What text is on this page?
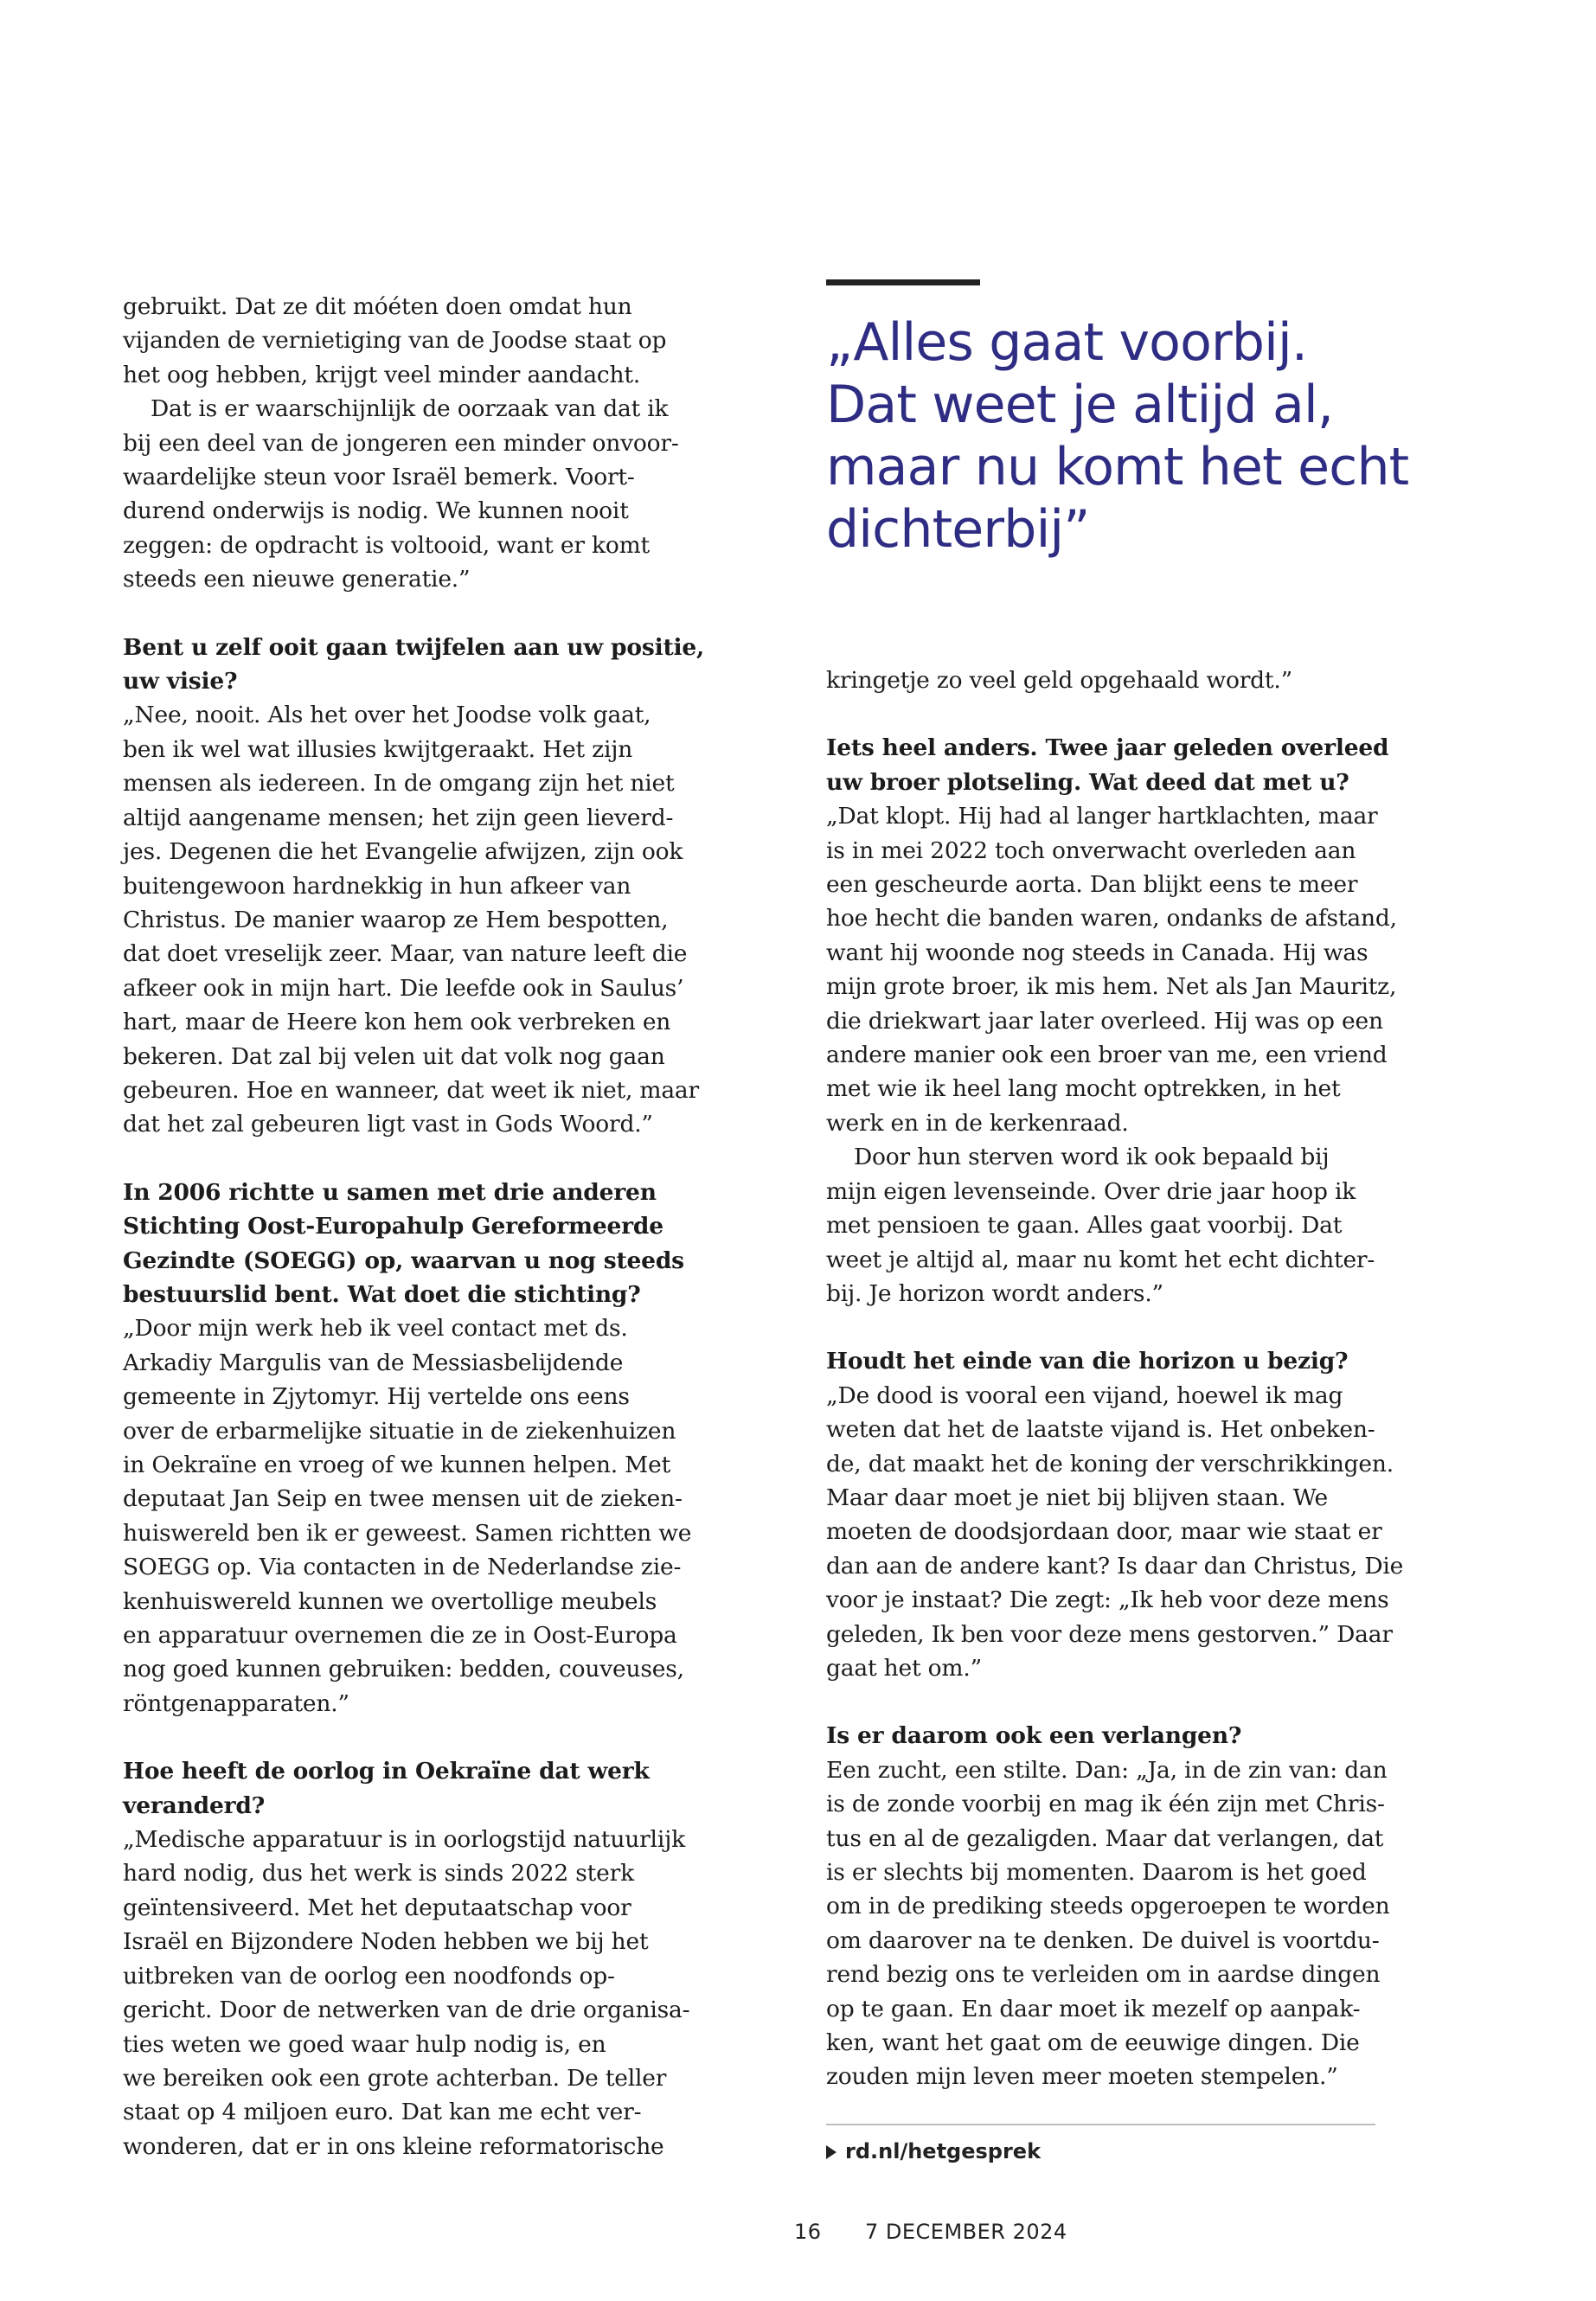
gebruikt. Dat ze dit móéten doen omdat hun
vijanden de vernietiging van de Joodse staat op
het oog hebben, krijgt veel minder aandacht.

Dat is er waarschijnlijk de oorzaak van dat ik
bij een deel van de jongeren een minder onvoor-
waardelijke steun voor Israël bemerk. Voort-
durend onderwijs is nodig. We kunnen nooit
zeggen: de opdracht is voltooid, want er komt
steeds een nieuwe generatie.”

Bent u zelf ooit gaan twijfelen aan uw positie,
uw visie?

„Nee, nooit. Als het over het Joodse volk gaat,
ben ik wel wat illusies kwijtgeraakt. Het zijn
mensen als iedereen. In de omgang zijn het niet
altijd aangename mensen; het zijn geen lieverd-
jes. Degenen die het Evangelie afwijzen, zijn ook
buitengewoon hardnekkig in hun afkeer van
Christus. De manier waarop ze Hem bespotten,
dat doet vreselijk zeer. Maar, van nature leeft die
afkeer ook in mijn hart. Die leefde ook in Saulus’
hart, maar de Heere kon hem ook verbreken en
bekeren. Dat zal bij velen uit dat volk nog gaan
gebeuren. Hoe en wanneer, dat weet ik niet, maar
dat het zal gebeuren ligt vast in Gods Woord.”

In 2006 richtte u samen met drie anderen
Stichting Oost-Europahulp Gereformeerde
Gezindte (SOEGG) op, waarvan u nog steeds
bestuurslid bent. Wat doet die stichting?

„Door mijn werk heb ik veel contact met ds.
Arkadiy Margulis van de Messiasbelijdende
gemeente in Zjytomyr. Hij vertelde ons eens
over de erbarmelijke situatie in de ziekenhuizen
in Oekraïne en vroeg of we kunnen helpen. Met
deputaat Jan Seip en twee mensen uit de zieken-
huiswereld ben ik er geweest. Samen richtten we
SOEGG op. Via contacten in de Nederlandse zie-
kenhuiswereld kunnen we overtollige meubels
en apparatuur overnemen die ze in Oost-Europa
nog goed kunnen gebruiken: bedden, couveuses,
röntgenapparaten.”

Hoe heeft de oorlog in Oekraïne dat werk
veranderd?

„Medische apparatuur is in oorlogstijd natuurlijk
hard nodig, dus het werk is sinds 2022 sterk
geïntensiveerd. Met het deputaatschap voor
Israël en Bijzondere Noden hebben we bij het
uitbreken van de oorlog een noodfonds op-
gericht. Door de netwerken van de drie organisa-
ties weten we goed waar hulp nodig is, en
we bereiken ook een grote achterban. De teller
staat op 4 miljoen euro. Dat kan me echt ver-
wonderen, dat er in ons kleine reformatorische

„Alles gaat voorbij.
Dat weet je altijd al,
maar nu komt het echt
dichterbij”

kringetje zo veel geld opgehaald wordt.”

Iets heel anders. Twee jaar geleden overleed
uw broer plotseling. Wat deed dat met u?

„Dat klopt. Hij had al langer hartklachten, maar
is in mei 2022 toch onverwacht overleden aan
een gescheurde aorta. Dan blijkt eens te meer
hoe hecht die banden waren, ondanks de afstand,
want hij woonde nog steeds in Canada. Hij was
mijn grote broer, ik mis hem. Net als Jan Mauritz,
die driekwart jaar later overleed. Hij was op een
andere manier ook een broer van me, een vriend
met wie ik heel lang mocht optrekken, in het
werk en in de kerkenraad.

Door hun sterven word ik ook bepaald bij
mijn eigen levenseinde. Over drie jaar hoop ik
met pensioen te gaan. Alles gaat voorbij. Dat
weet je altijd al, maar nu komt het echt dichter-
bij. Je horizon wordt anders.”

Houdt het einde van die horizon u bezig?

„De dood is vooral een vijand, hoewel ik mag
weten dat het de laatste vijand is. Het onbeken-
de, dat maakt het de koning der verschrikkingen.
Maar daar moet je niet bij blijven staan. We
moeten de doodsjordaan door, maar wie staat er
dan aan de andere kant? Is daar dan Christus, Die
voor je instaat? Die zegt: „Ik heb voor deze mens
geleden, Ik ben voor deze mens gestorven.” Daar
gaat het om.”

Is er daarom ook een verlangen?

Een zucht, een stilte. Dan: „Ja, in de zin van: dan
is de zonde voorbij en mag ik één zijn met Chris-
tus en al de gezaligden. Maar dat verlangen, dat
is er slechts bij momenten. Daarom is het goed
om in de prediking steeds opgeroepen te worden
om daarover na te denken. De duivel is voortdu-
rend bezig ons te verleiden om in aardse dingen
op te gaan. En daar moet ik mezelf op aanpak-
ken, want het gaat om de eeuwige dingen. Die
zouden mijn leven meer moeten stempelen.”

rd.nl/hetgesprek
16 7 DECEMBER 2024
